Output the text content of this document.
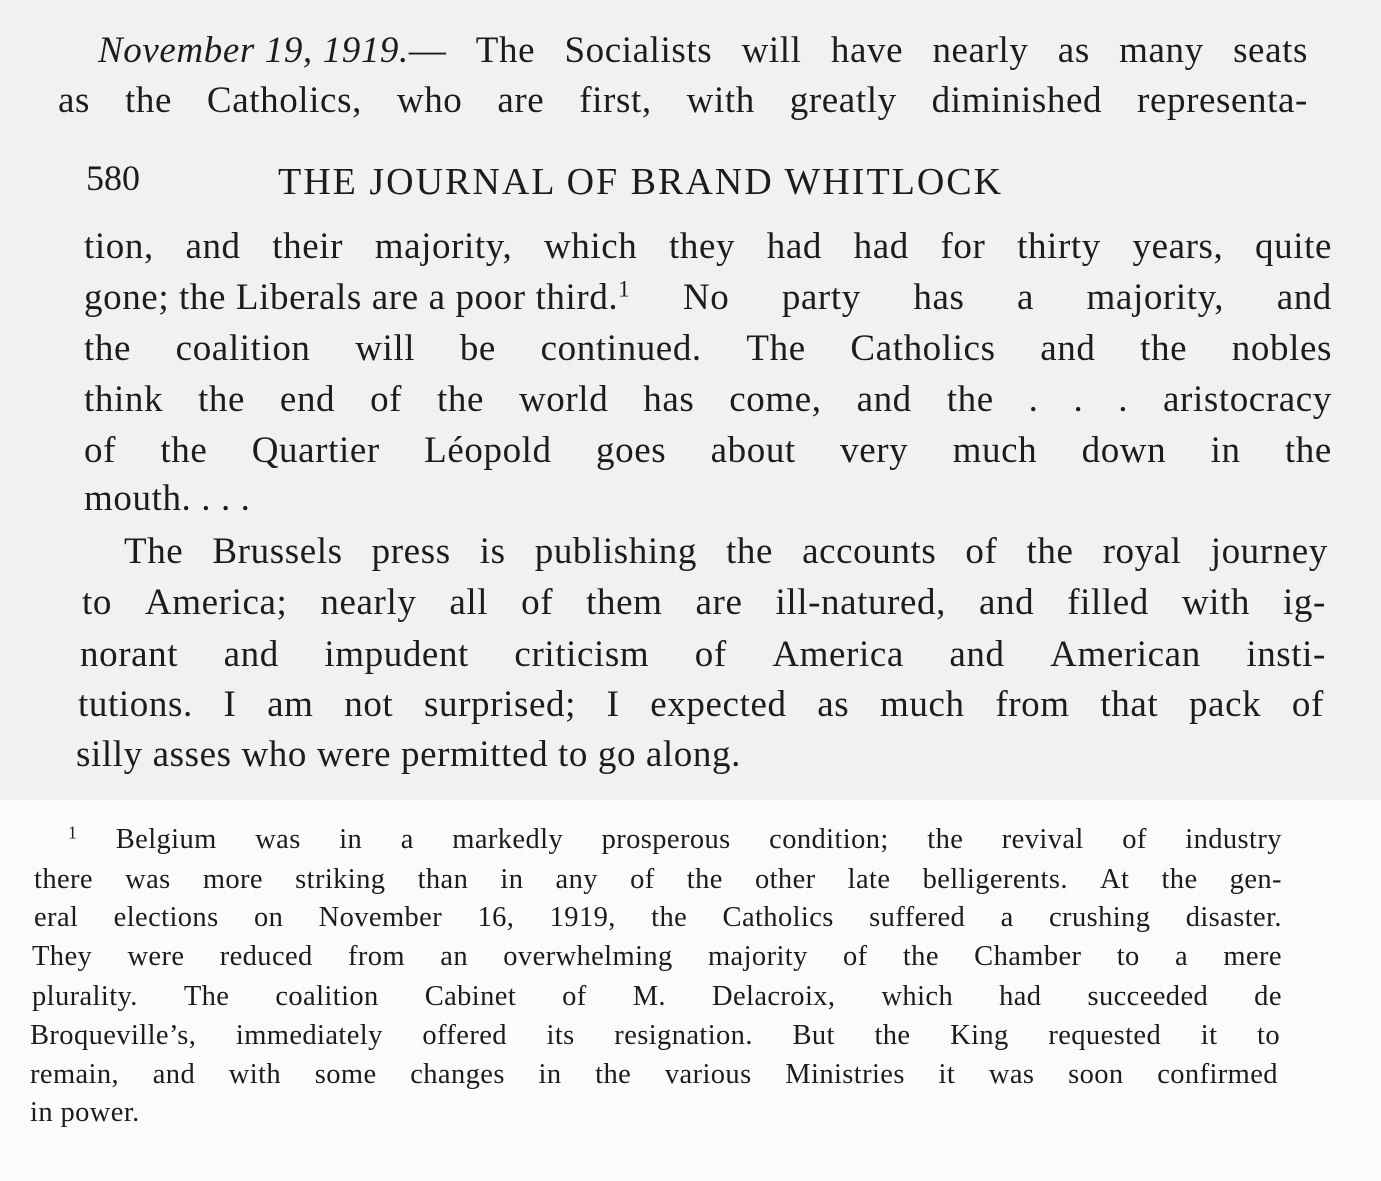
November 19, 1919.— The Socialists will have nearly as many seats
as the Catholics, who are first, with greatly diminished representa-
580	THE JOURNAL OF BRAND WHITLOCK
tion, and their majority, which they had had for thirty years, quite
gone; the Liberals are a poor third.$^1$ No party has a majority, and
the coalition will be continued. The Catholics and the nobles
think the end of the world has come, and the . . . aristocracy
of the Quartier Léopold goes about very much down in the
mouth. . . .
The Brussels press is publishing the accounts of the royal journey
to America; nearly all of them are ill-natured, and filled with ig-
norant and impudent criticism of America and American insti-
tutions. I am not surprised; I expected as much from that pack of
silly asses who were permitted to go along.
$^1$ Belgium was in a markedly prosperous condition; the revival of industry
there was more striking than in any of the other late belligerents. At the gen-
eral elections on November 16, 1919, the Catholics suffered a crushing disaster.
They were reduced from an overwhelming majority of the Chamber to a mere
plurality. The coalition Cabinet of M. Delacroix, which had succeeded de
Broqueville’s, immediately offered its resignation. But the King requested it to
remain, and with some changes in the various Ministries it was soon confirmed
in power.
